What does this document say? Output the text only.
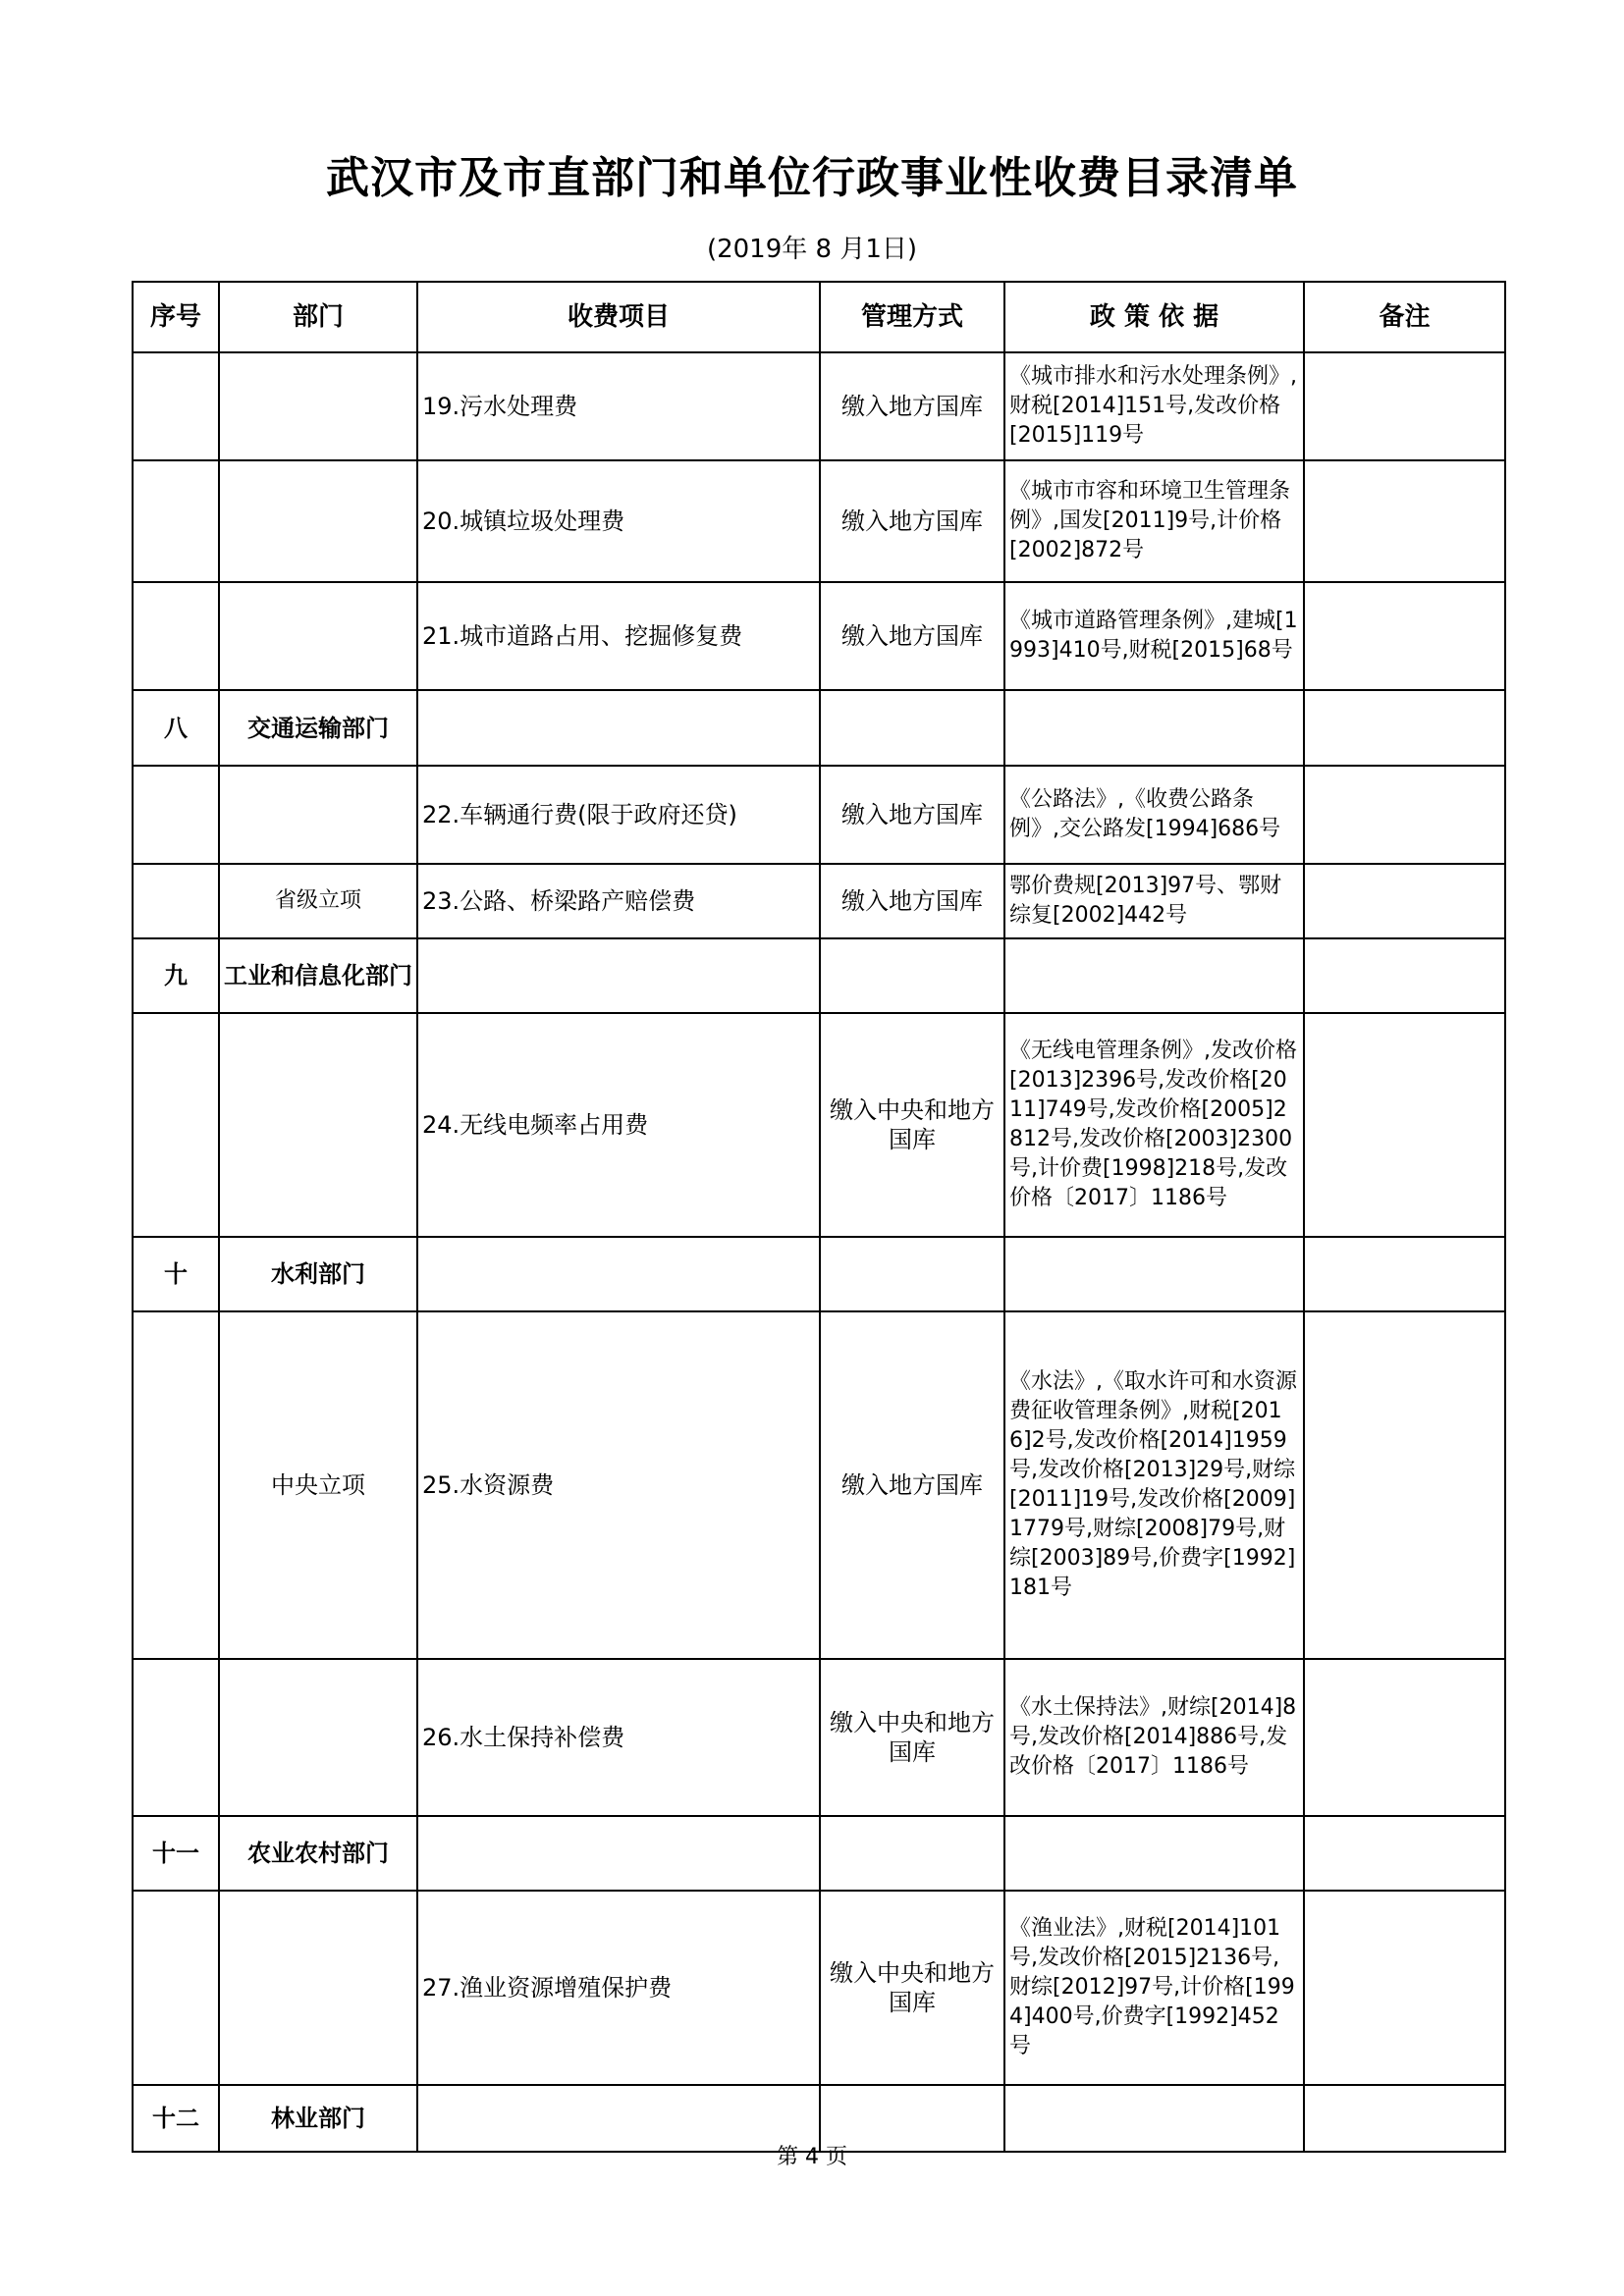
武汉市及市直部门和单位行政事业性收费目录清单
(2019年 8 月1日)
序号	部门	收费项目	管理方式	政 策 依 据	备注
		19.污水处理费	缴入地方国库	《城市排水和污水处理条例》,财税[2014]151号,发改价格[2015]119号	
		20.城镇垃圾处理费	缴入地方国库	《城市市容和环境卫生管理条例》,国发[2011]9号,计价格[2002]872号	
		21.城市道路占用、挖掘修复费	缴入地方国库	《城市道路管理条例》,建城[1993]410号,财税[2015]68号	
八	交通运输部门				
		22.车辆通行费(限于政府还贷)	缴入地方国库	《公路法》,《收费公路条例》,交公路发[1994]686号	
	省级立项	23.公路、桥梁路产赔偿费	缴入地方国库	鄂价费规[2013]97号、鄂财综复[2002]442号	
九	工业和信息化部门				
		24.无线电频率占用费	缴入中央和地方国库	《无线电管理条例》,发改价格[2013]2396号,发改价格[2011]749号,发改价格[2005]2812号,发改价格[2003]2300号,计价费[1998]218号,发改价格〔2017〕1186号	
十	水利部门				
	中央立项	25.水资源费	缴入地方国库	《水法》,《取水许可和水资源费征收管理条例》,财税[2016]2号,发改价格[2014]1959号,发改价格[2013]29号,财综[2011]19号,发改价格[2009]1779号,财综[2008]79号,财综[2003]89号,价费字[1992]181号	
		26.水土保持补偿费	缴入中央和地方国库	《水土保持法》,财综[2014]8号,发改价格[2014]886号,发改价格〔2017〕1186号	
十一	农业农村部门				
		27.渔业资源增殖保护费	缴入中央和地方国库	《渔业法》,财税[2014]101号,发改价格[2015]2136号,财综[2012]97号,计价格[1994]400号,价费字[1992]452号	
十二	林业部门				
第 4 页
